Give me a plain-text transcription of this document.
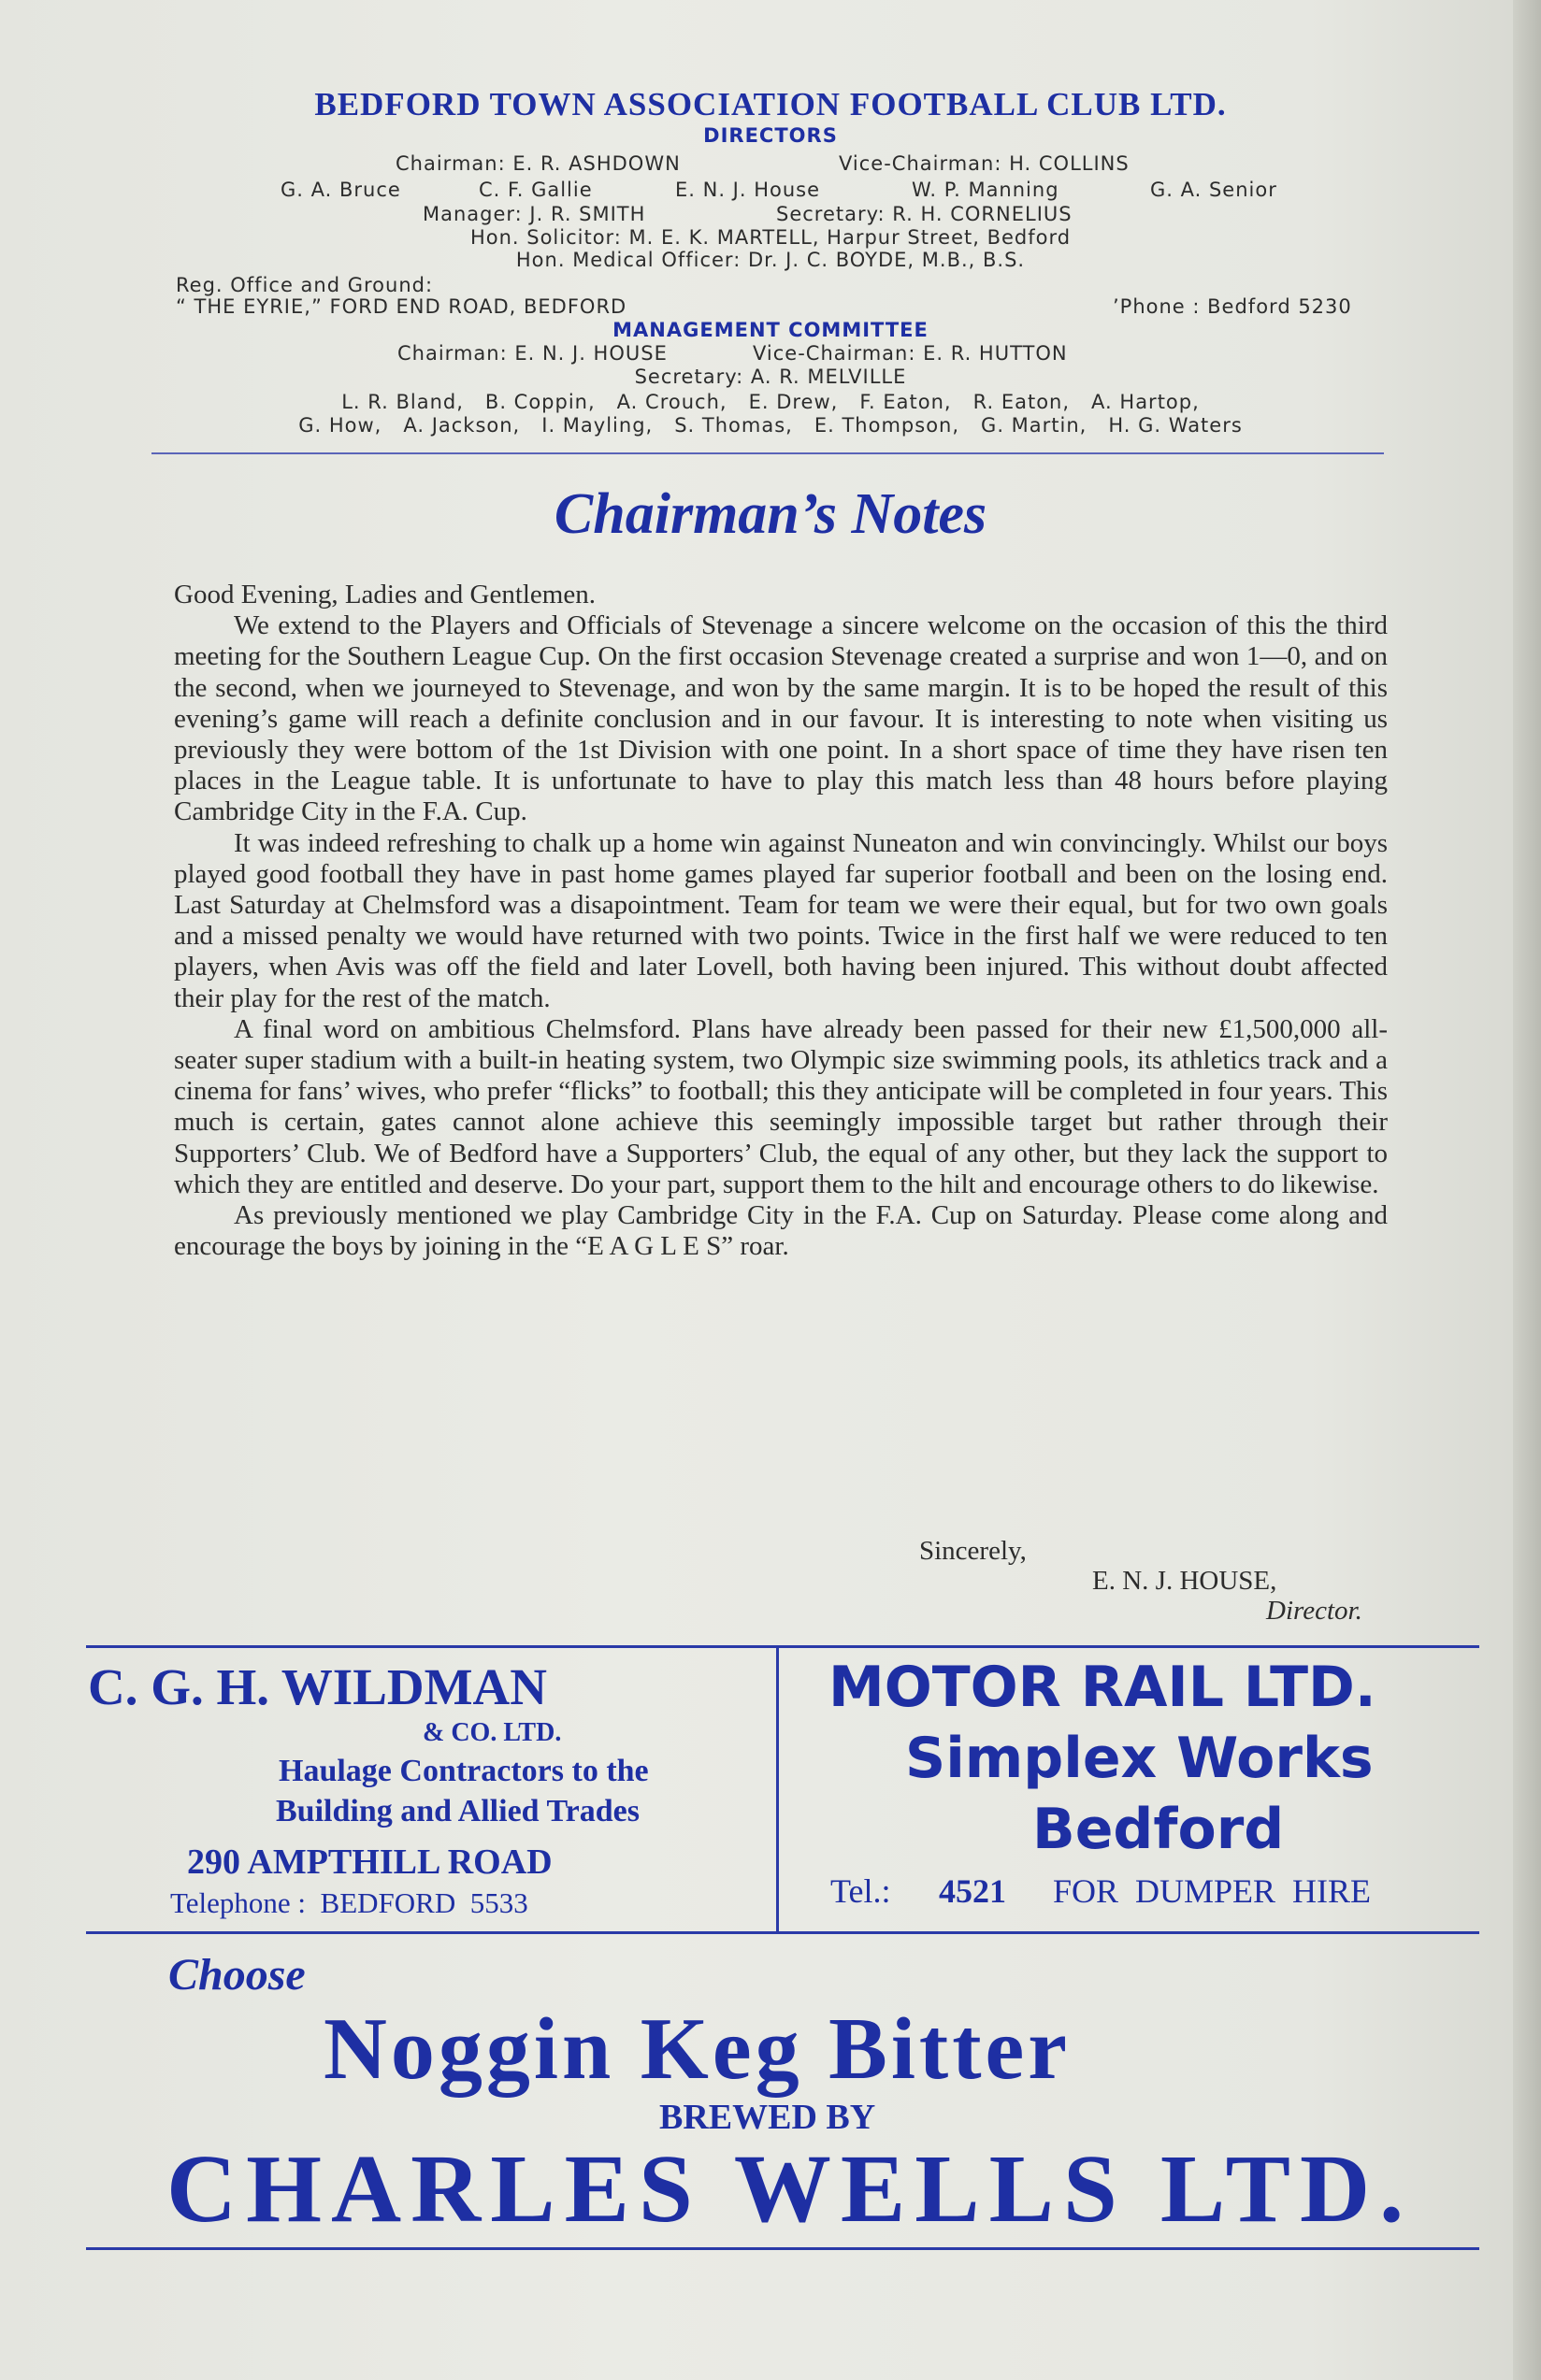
BEDFORD TOWN ASSOCIATION FOOTBALL CLUB LTD.
DIRECTORS
Chairman: E. R. ASHDOWN	Vice-Chairman: H. COLLINS
G. A. Bruce	C. F. Gallie	E. N. J. House	W. P. Manning	G. A. Senior
Manager: J. R. SMITH	Secretary: R. H. CORNELIUS
Hon. Solicitor: M. E. K. MARTELL, Harpur Street, Bedford
Hon. Medical Officer: Dr. J. C. BOYDE, M.B., B.S.
Reg. Office and Ground:
“ THE EYRIE,” FORD END ROAD, BEDFORD	’Phone : Bedford 5230
MANAGEMENT COMMITTEE
Chairman: E. N. J. HOUSE	Vice-Chairman: E. R. HUTTON
Secretary: A. R. MELVILLE
L. R. Bland,   B. Coppin,   A. Crouch,   E. Drew,   F. Eaton,   R. Eaton,   A. Hartop,
G. How,   A. Jackson,   I. Mayling,   S. Thomas,   E. Thompson,   G. Martin,   H. G. Waters
Chairman’s Notes

Good Evening, Ladies and Gentlemen.

We extend to the Players and Officials of Stevenage a sincere welcome on the occasion of this the third meeting for the Southern League Cup. On the first occasion Stevenage created a surprise and won 1—0, and on the second, when we journeyed to Stevenage, and won by the same margin. It is to be hoped the result of this evening’s game will reach a definite conclusion and in our favour. It is interesting to note when visiting us previously they were bottom of the 1st Division with one point. In a short space of time they have risen ten places in the League table. It is unfortunate to have to play this match less than 48 hours before playing Cambridge City in the F.A. Cup.

It was indeed refreshing to chalk up a home win against Nuneaton and win convincingly. Whilst our boys played good football they have in past home games played far superior football and been on the losing end. Last Saturday at Chelmsford was a disapointment. Team for team we were their equal, but for two own goals and a missed penalty we would have returned with two points. Twice in the first half we were reduced to ten players, when Avis was off the field and later Lovell, both having been injured. This without doubt affected their play for the rest of the match.

A final word on ambitious Chelmsford. Plans have already been passed for their new £1,500,000 all-seater super stadium with a built-in heating system, two Olympic size swimming pools, its athletics track and a cinema for fans’ wives, who prefer “flicks” to football; this they anticipate will be completed in four years. This much is certain, gates cannot alone achieve this seemingly impossible target but rather through their Supporters’ Club. We of Bedford have a Supporters’ Club, the equal of any other, but they lack the support to which they are entitled and deserve. Do your part, support them to the hilt and encourage others to do likewise.

As previously mentioned we play Cambridge City in the F.A. Cup on Saturday. Please come along and encourage the boys by joining in the “E A G L E S” roar.

Sincerely,
E. N. J. HOUSE,
Director.
C. G. H. WILDMAN
& CO. LTD.
Haulage Contractors to the
Building and Allied Trades
290 AMPTHILL ROAD
Telephone :  BEDFORD  5533
MOTOR RAIL LTD.
Simplex Works
Bedford
Tel.: 4521 FOR  DUMPER  HIRE
Choose
Noggin Keg Bitter
BREWED BY
CHARLES WELLS LTD.
